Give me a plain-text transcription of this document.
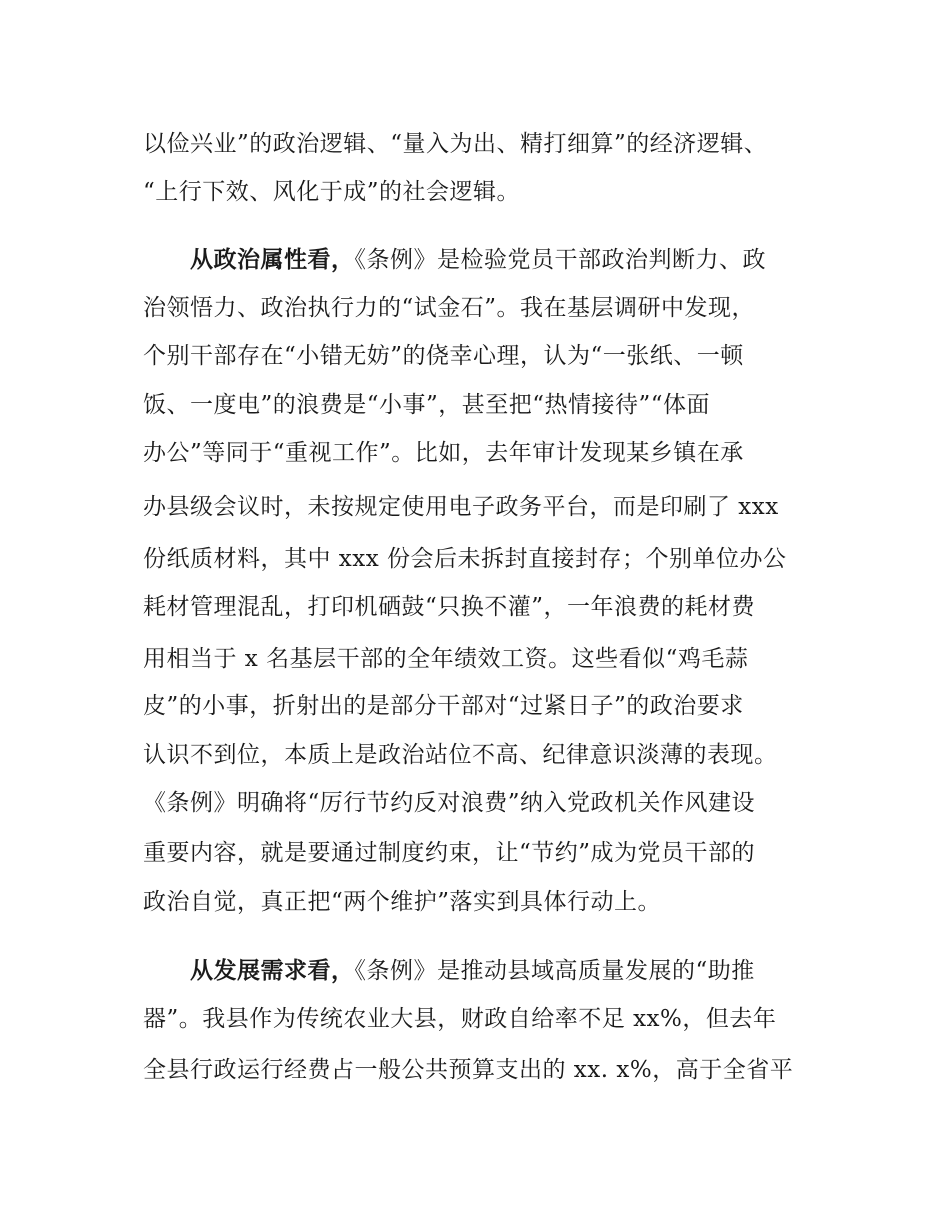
以俭兴业”的政治逻辑、“量入为出、精打细算”的经济逻辑、
“上行下效、风化于成”的社会逻辑。
从政治属性看，《条例》是检验党员干部政治判断力、政
治领悟力、政治执行力的“试金石”。我在基层调研中发现，
个别干部存在“小错无妨”的侥幸心理，认为“一张纸、一顿
饭、一度电”的浪费是“小事”，甚至把“热情接待”“体面
办公”等同于“重视工作”。比如，去年审计发现某乡镇在承
办县级会议时，未按规定使用电子政务平台，而是印刷了 xxx
份纸质材料，其中 xxx 份会后未拆封直接封存；个别单位办公
耗材管理混乱，打印机硒鼓“只换不灌”，一年浪费的耗材费
用相当于 x 名基层干部的全年绩效工资。这些看似“鸡毛蒜
皮”的小事，折射出的是部分干部对“过紧日子”的政治要求
认识不到位，本质上是政治站位不高、纪律意识淡薄的表现。
《条例》明确将“厉行节约反对浪费”纳入党政机关作风建设
重要内容，就是要通过制度约束，让“节约”成为党员干部的
政治自觉，真正把“两个维护”落实到具体行动上。
从发展需求看，《条例》是推动县域高质量发展的“助推
器”。我县作为传统农业大县，财政自给率不足 xx%，但去年
全县行政运行经费占一般公共预算支出的 xx. x%，高于全省平
